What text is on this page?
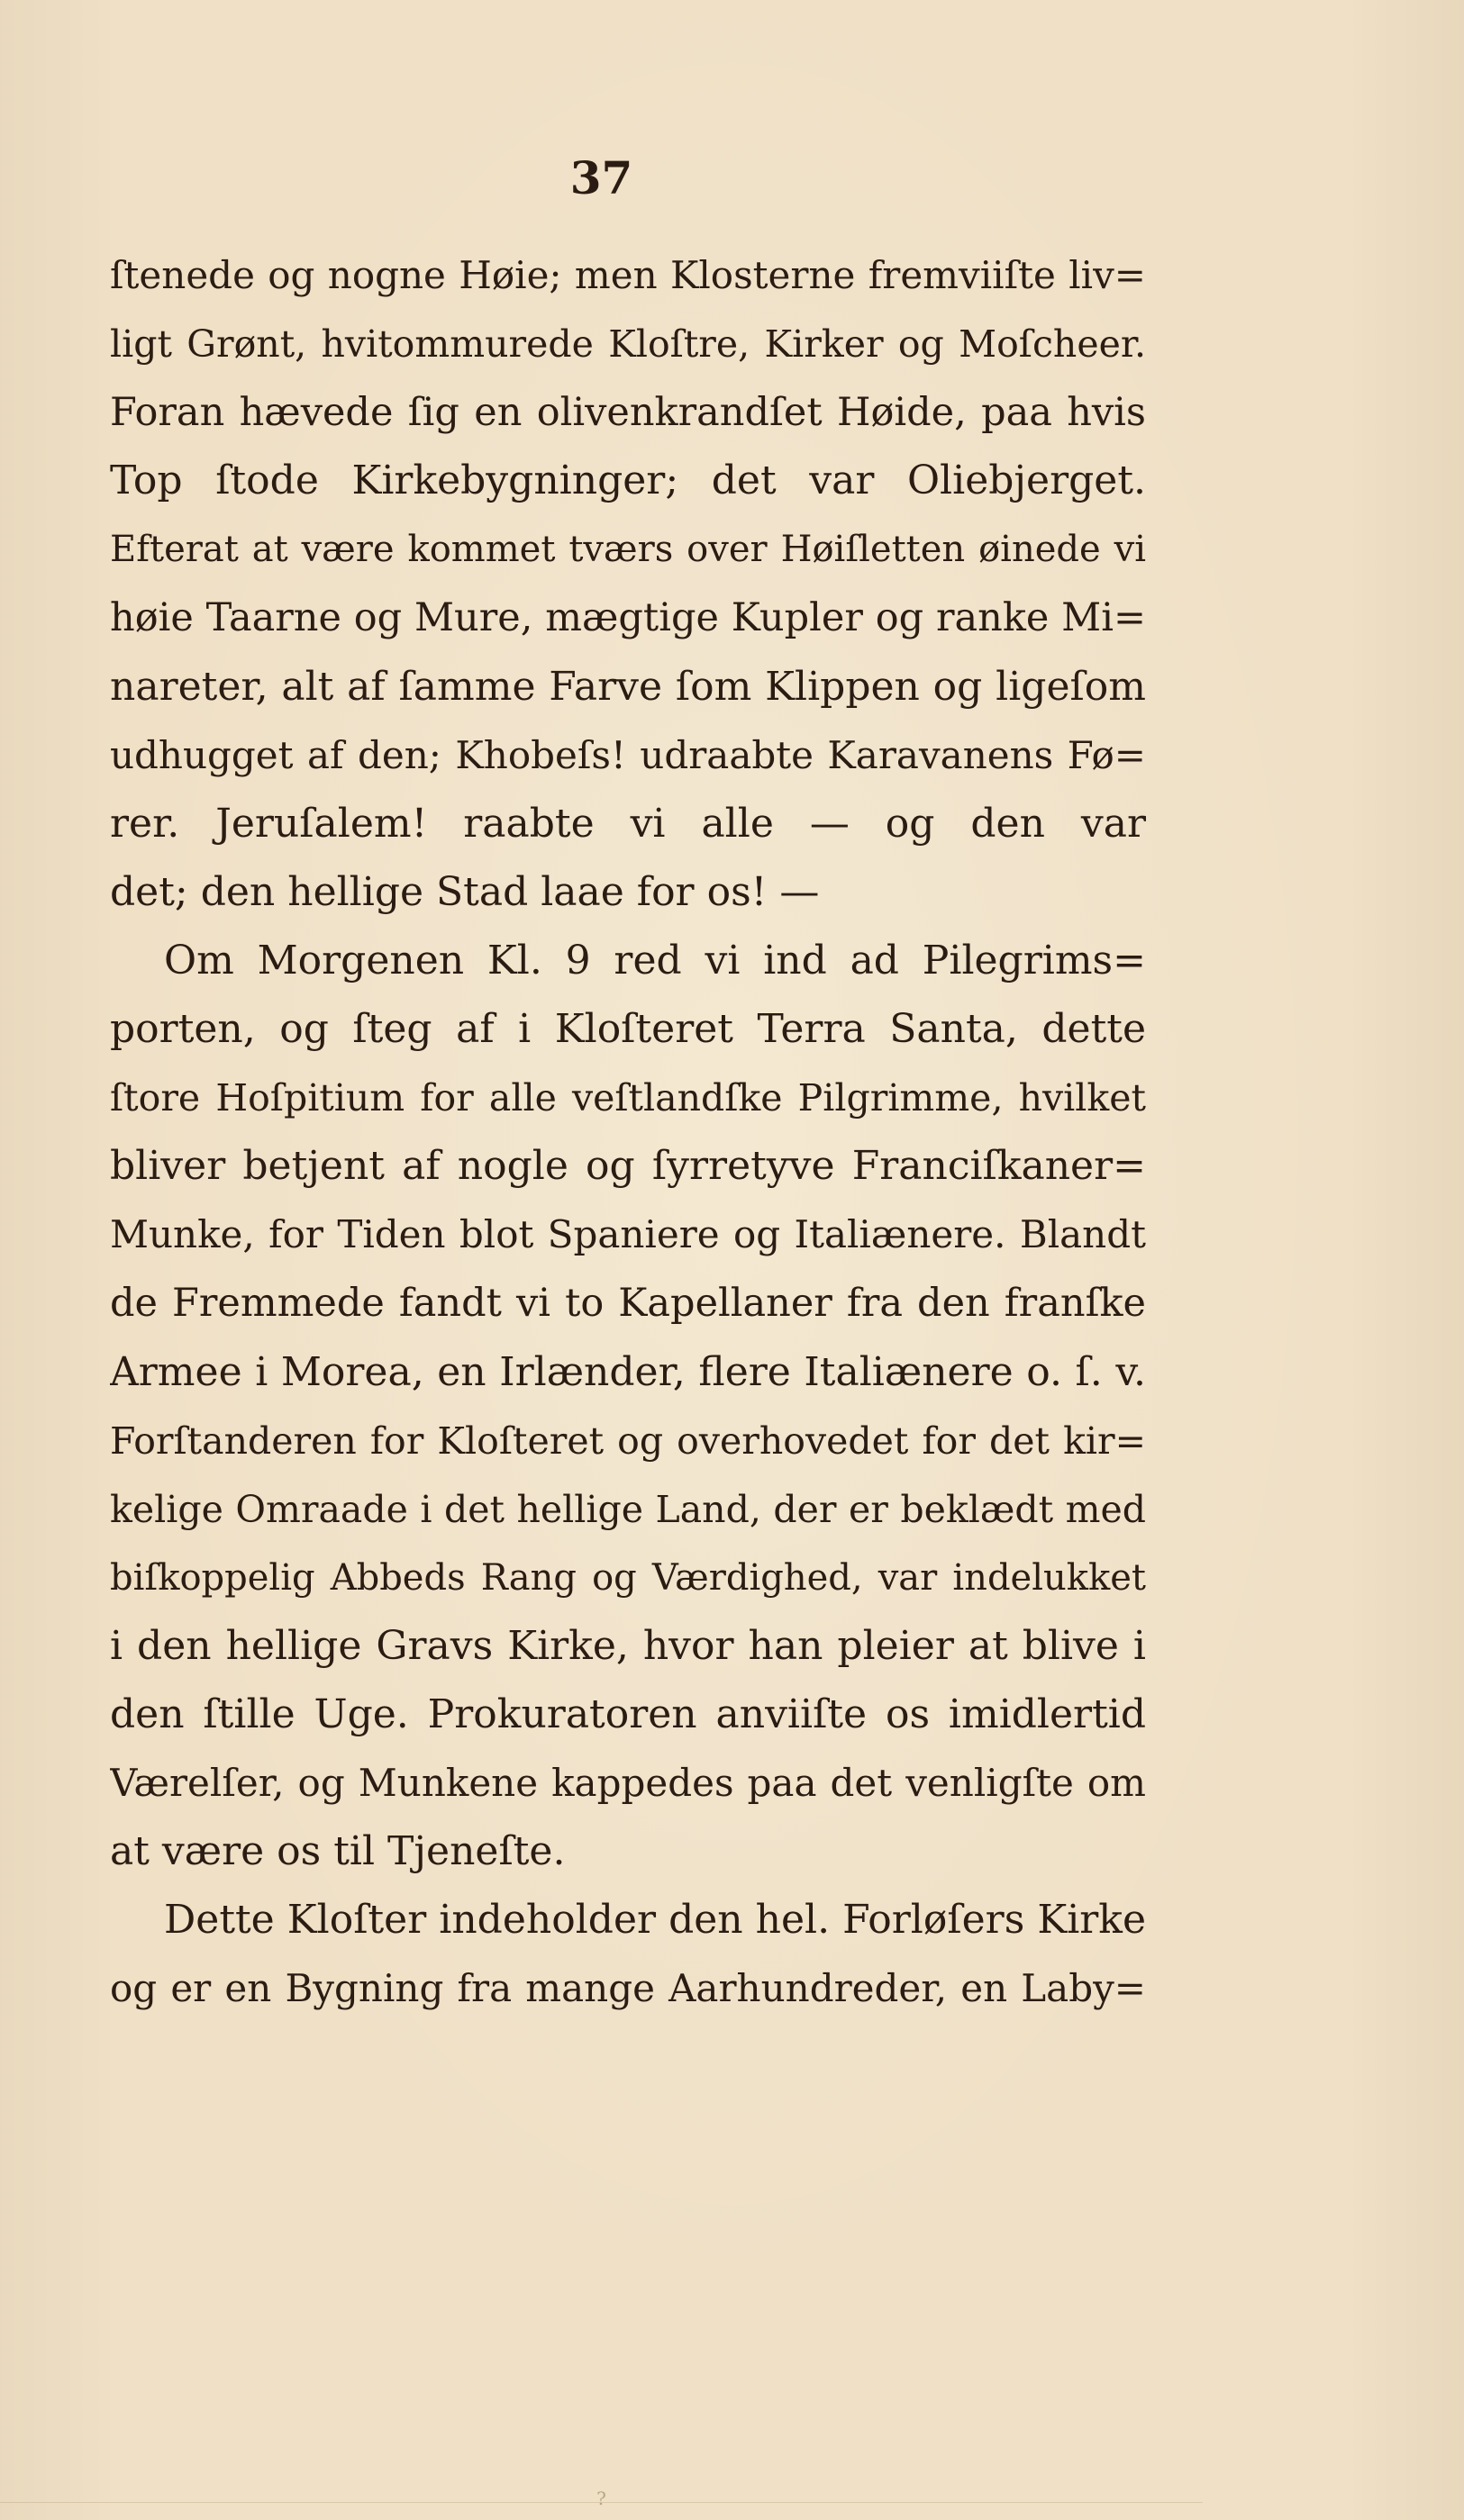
37
ſtenede og nogne Høie; men Klosterne fremviiſte liv=
ligt Grønt, hvitommurede Kloſtre, Kirker og Moſcheer.
Foran hævede ſig en olivenkrandſet Høide, paa hvis
Top ſtode Kirkebygninger; det var Oliebjerget.
Efterat at være kommet tværs over Høiſletten øinede vi
høie Taarne og Mure, mægtige Kupler og ranke Mi=
nareter, alt af ſamme Farve ſom Klippen og ligeſom
udhugget af den; Khobeſs! udraabte Karavanens Fø=
rer. Jeruſalem! raabte vi alle — og den var
det; den hellige Stad laae for os! —
Om Morgenen Kl. 9 red vi ind ad Pilegrims=
porten, og ſteg af i Kloſteret Terra Santa, dette
ſtore Hoſpitium for alle veſtlandſke Pilgrimme, hvilket
bliver betjent af nogle og ſyrretyve Franciſkaner=
Munke, for Tiden blot Spaniere og Italiænere. Blandt
de Fremmede fandt vi to Kapellaner fra den franſke
Armee i Morea, en Irlænder, flere Italiænere o. ſ. v.
Forſtanderen for Kloſteret og overhovedet for det kir=
kelige Omraade i det hellige Land, der er beklædt med
biſkoppelig Abbeds Rang og Værdighed, var indelukket
i den hellige Gravs Kirke, hvor han pleier at blive i
den ſtille Uge. Prokuratoren anviiſte os imidlertid
Værelſer, og Munkene kappedes paa det venligſte om
at være os til Tjeneſte.
Dette Kloſter indeholder den hel. Forløſers Kirke
og er en Bygning fra mange Aarhundreder, en Laby=
?
